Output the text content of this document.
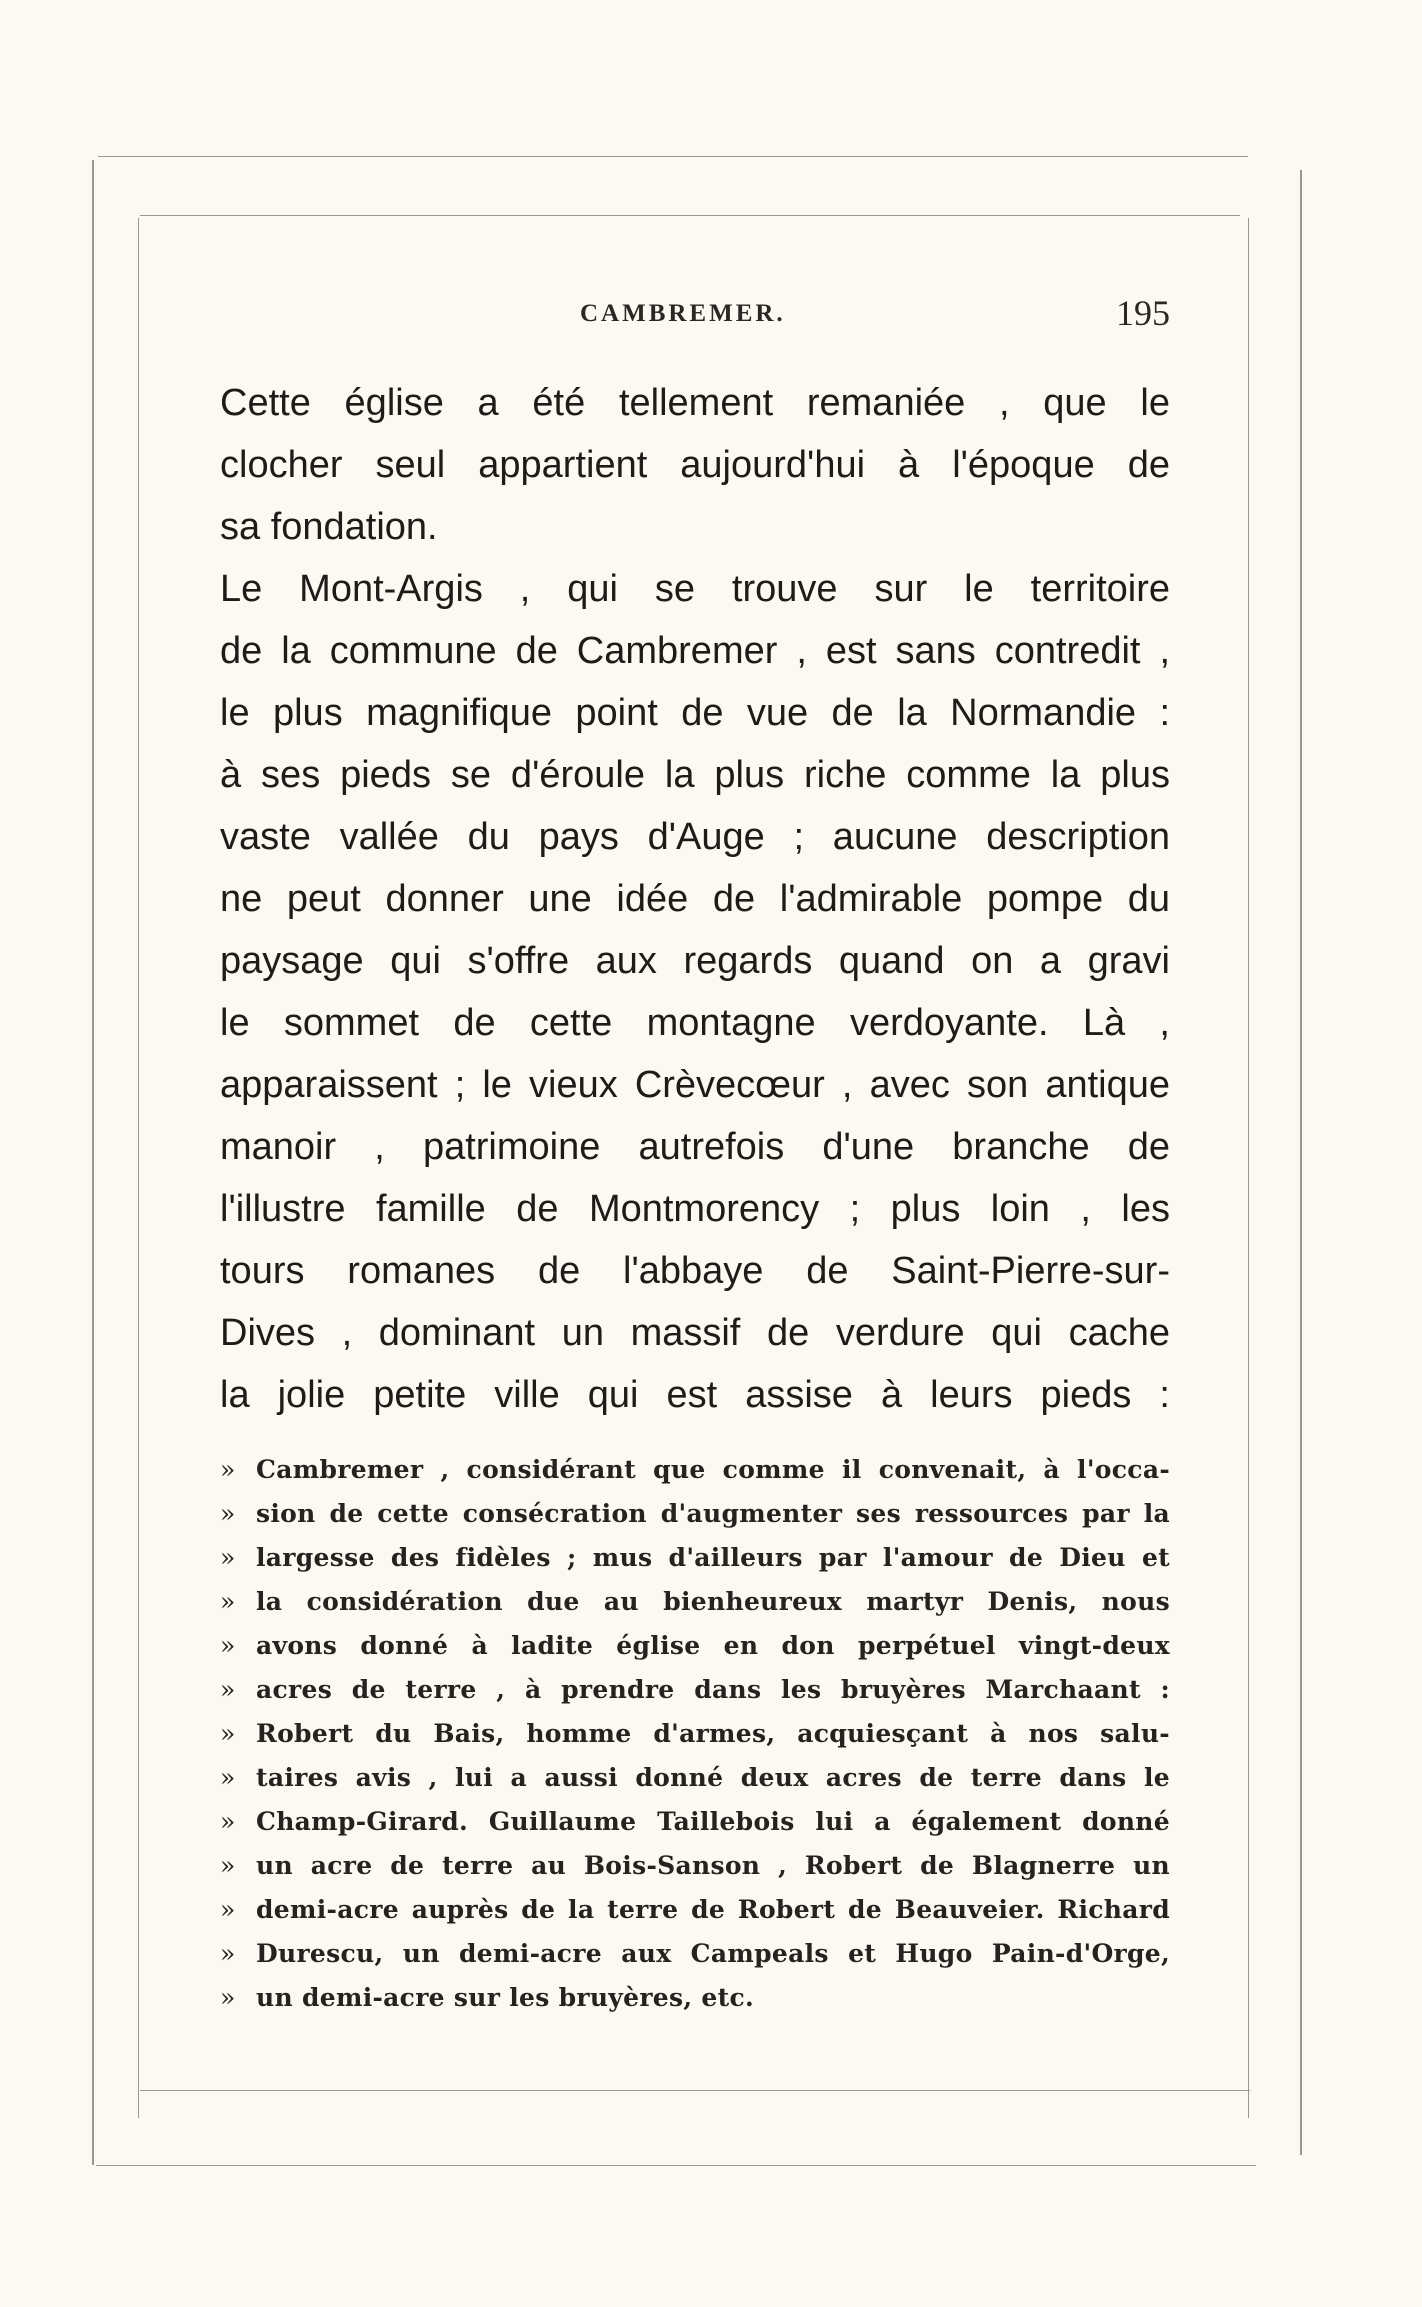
CAMBREMER.	195
Cette église a été tellement remaniée , que le
clocher seul appartient aujourd'hui à l'époque de
sa fondation.
Le Mont-Argis , qui se trouve sur le territoire
de la commune de Cambremer , est sans contredit ,
le plus magnifique point de vue de la Normandie :
à ses pieds se d'éroule la plus riche comme la plus
vaste vallée du pays d'Auge ; aucune description
ne peut donner une idée de l'admirable pompe du
paysage qui s'offre aux regards quand on a gravi
le sommet de cette montagne verdoyante. Là ,
apparaissent ; le vieux Crèvecœur , avec son antique
manoir , patrimoine autrefois d'une branche de
l'illustre famille de Montmorency ; plus loin , les
tours romanes de l'abbaye de Saint-Pierre-sur-
Dives , dominant un massif de verdure qui cache
la jolie petite ville qui est assise à leurs pieds :
» Cambremer , considérant que comme il convenait, à l'occa-
» sion de cette consécration d'augmenter ses ressources par la
» largesse des fidèles ; mus d'ailleurs par l'amour de Dieu et
» la considération due au bienheureux martyr Denis, nous
» avons donné à ladite église en don perpétuel vingt-deux
» acres de terre , à prendre dans les bruyères Marchaant :
» Robert du Bais, homme d'armes, acquiesçant à nos salu-
» taires avis , lui a aussi donné deux acres de terre dans le
» Champ-Girard. Guillaume Taillebois lui a également donné
» un acre de terre au Bois-Sanson , Robert de Blagnerre un
» demi-acre auprès de la terre de Robert de Beauveier. Richard
» Durescu, un demi-acre aux Campeals et Hugo Pain-d'Orge,
» un demi-acre sur les bruyères, etc.
